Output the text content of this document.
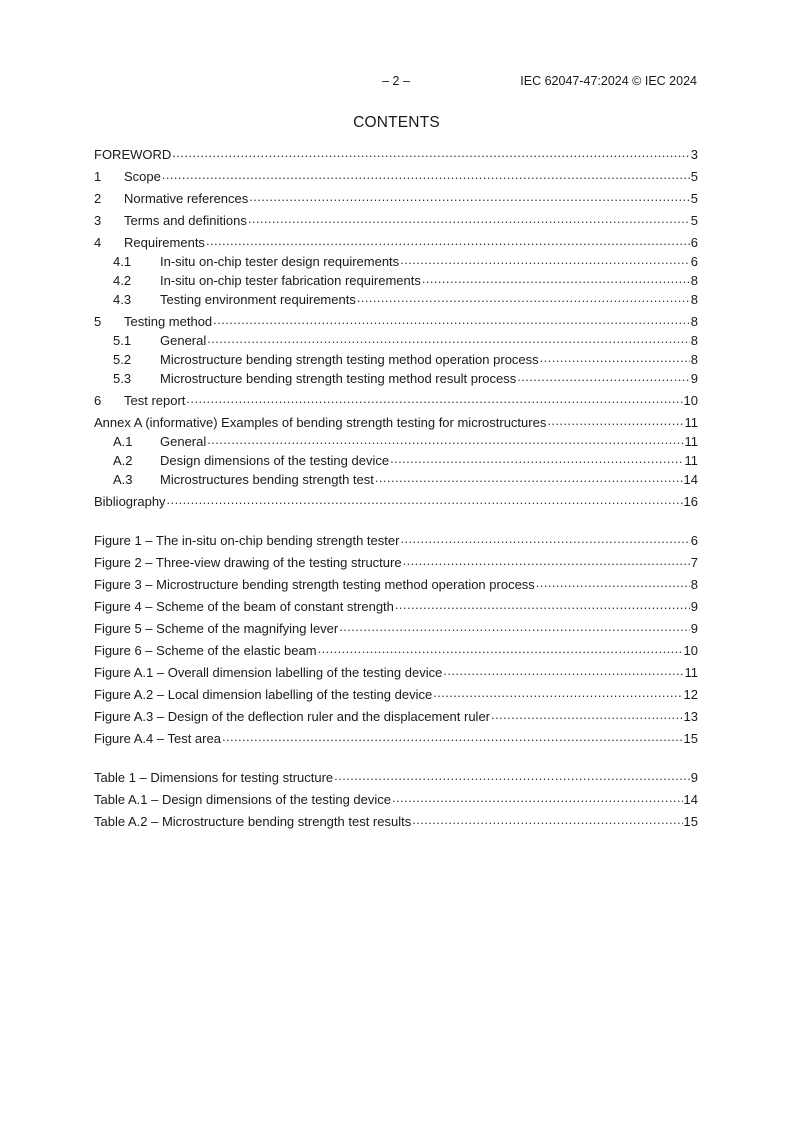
– 2 –	IEC 62047-47:2024 © IEC 2024
CONTENTS
FOREWORD .....	3
1	Scope .....	5
2	Normative references .....	5
3	Terms and definitions .....	5
4	Requirements .....	6
4.1	In-situ on-chip tester design requirements .....	6
4.2	In-situ on-chip tester fabrication requirements .....	8
4.3	Testing environment requirements .....	8
5	Testing method .....	8
5.1	General .....	8
5.2	Microstructure bending strength testing method operation process .....	8
5.3	Microstructure bending strength testing method result process .....	9
6	Test report .....	10
Annex A (informative) Examples of bending strength testing for microstructures .....	11
A.1	General .....	11
A.2	Design dimensions of the testing device .....	11
A.3	Microstructures bending strength test .....	14
Bibliography .....	16
Figure 1 – The in-situ on-chip bending strength tester .....	6
Figure 2 – Three-view drawing of the testing structure .....	7
Figure 3 – Microstructure bending strength testing method operation process .....	8
Figure 4 – Scheme of the beam of constant strength .....	9
Figure 5 – Scheme of the magnifying lever .....	9
Figure 6 – Scheme of the elastic beam .....	10
Figure A.1 – Overall dimension labelling of the testing device .....	11
Figure A.2 – Local dimension labelling of the testing device .....	12
Figure A.3 – Design of the deflection ruler and the displacement ruler .....	13
Figure A.4 – Test area .....	15
Table 1 – Dimensions for testing structure .....	9
Table A.1 – Design dimensions of the testing device .....	14
Table A.2 – Microstructure bending strength test results .....	15
